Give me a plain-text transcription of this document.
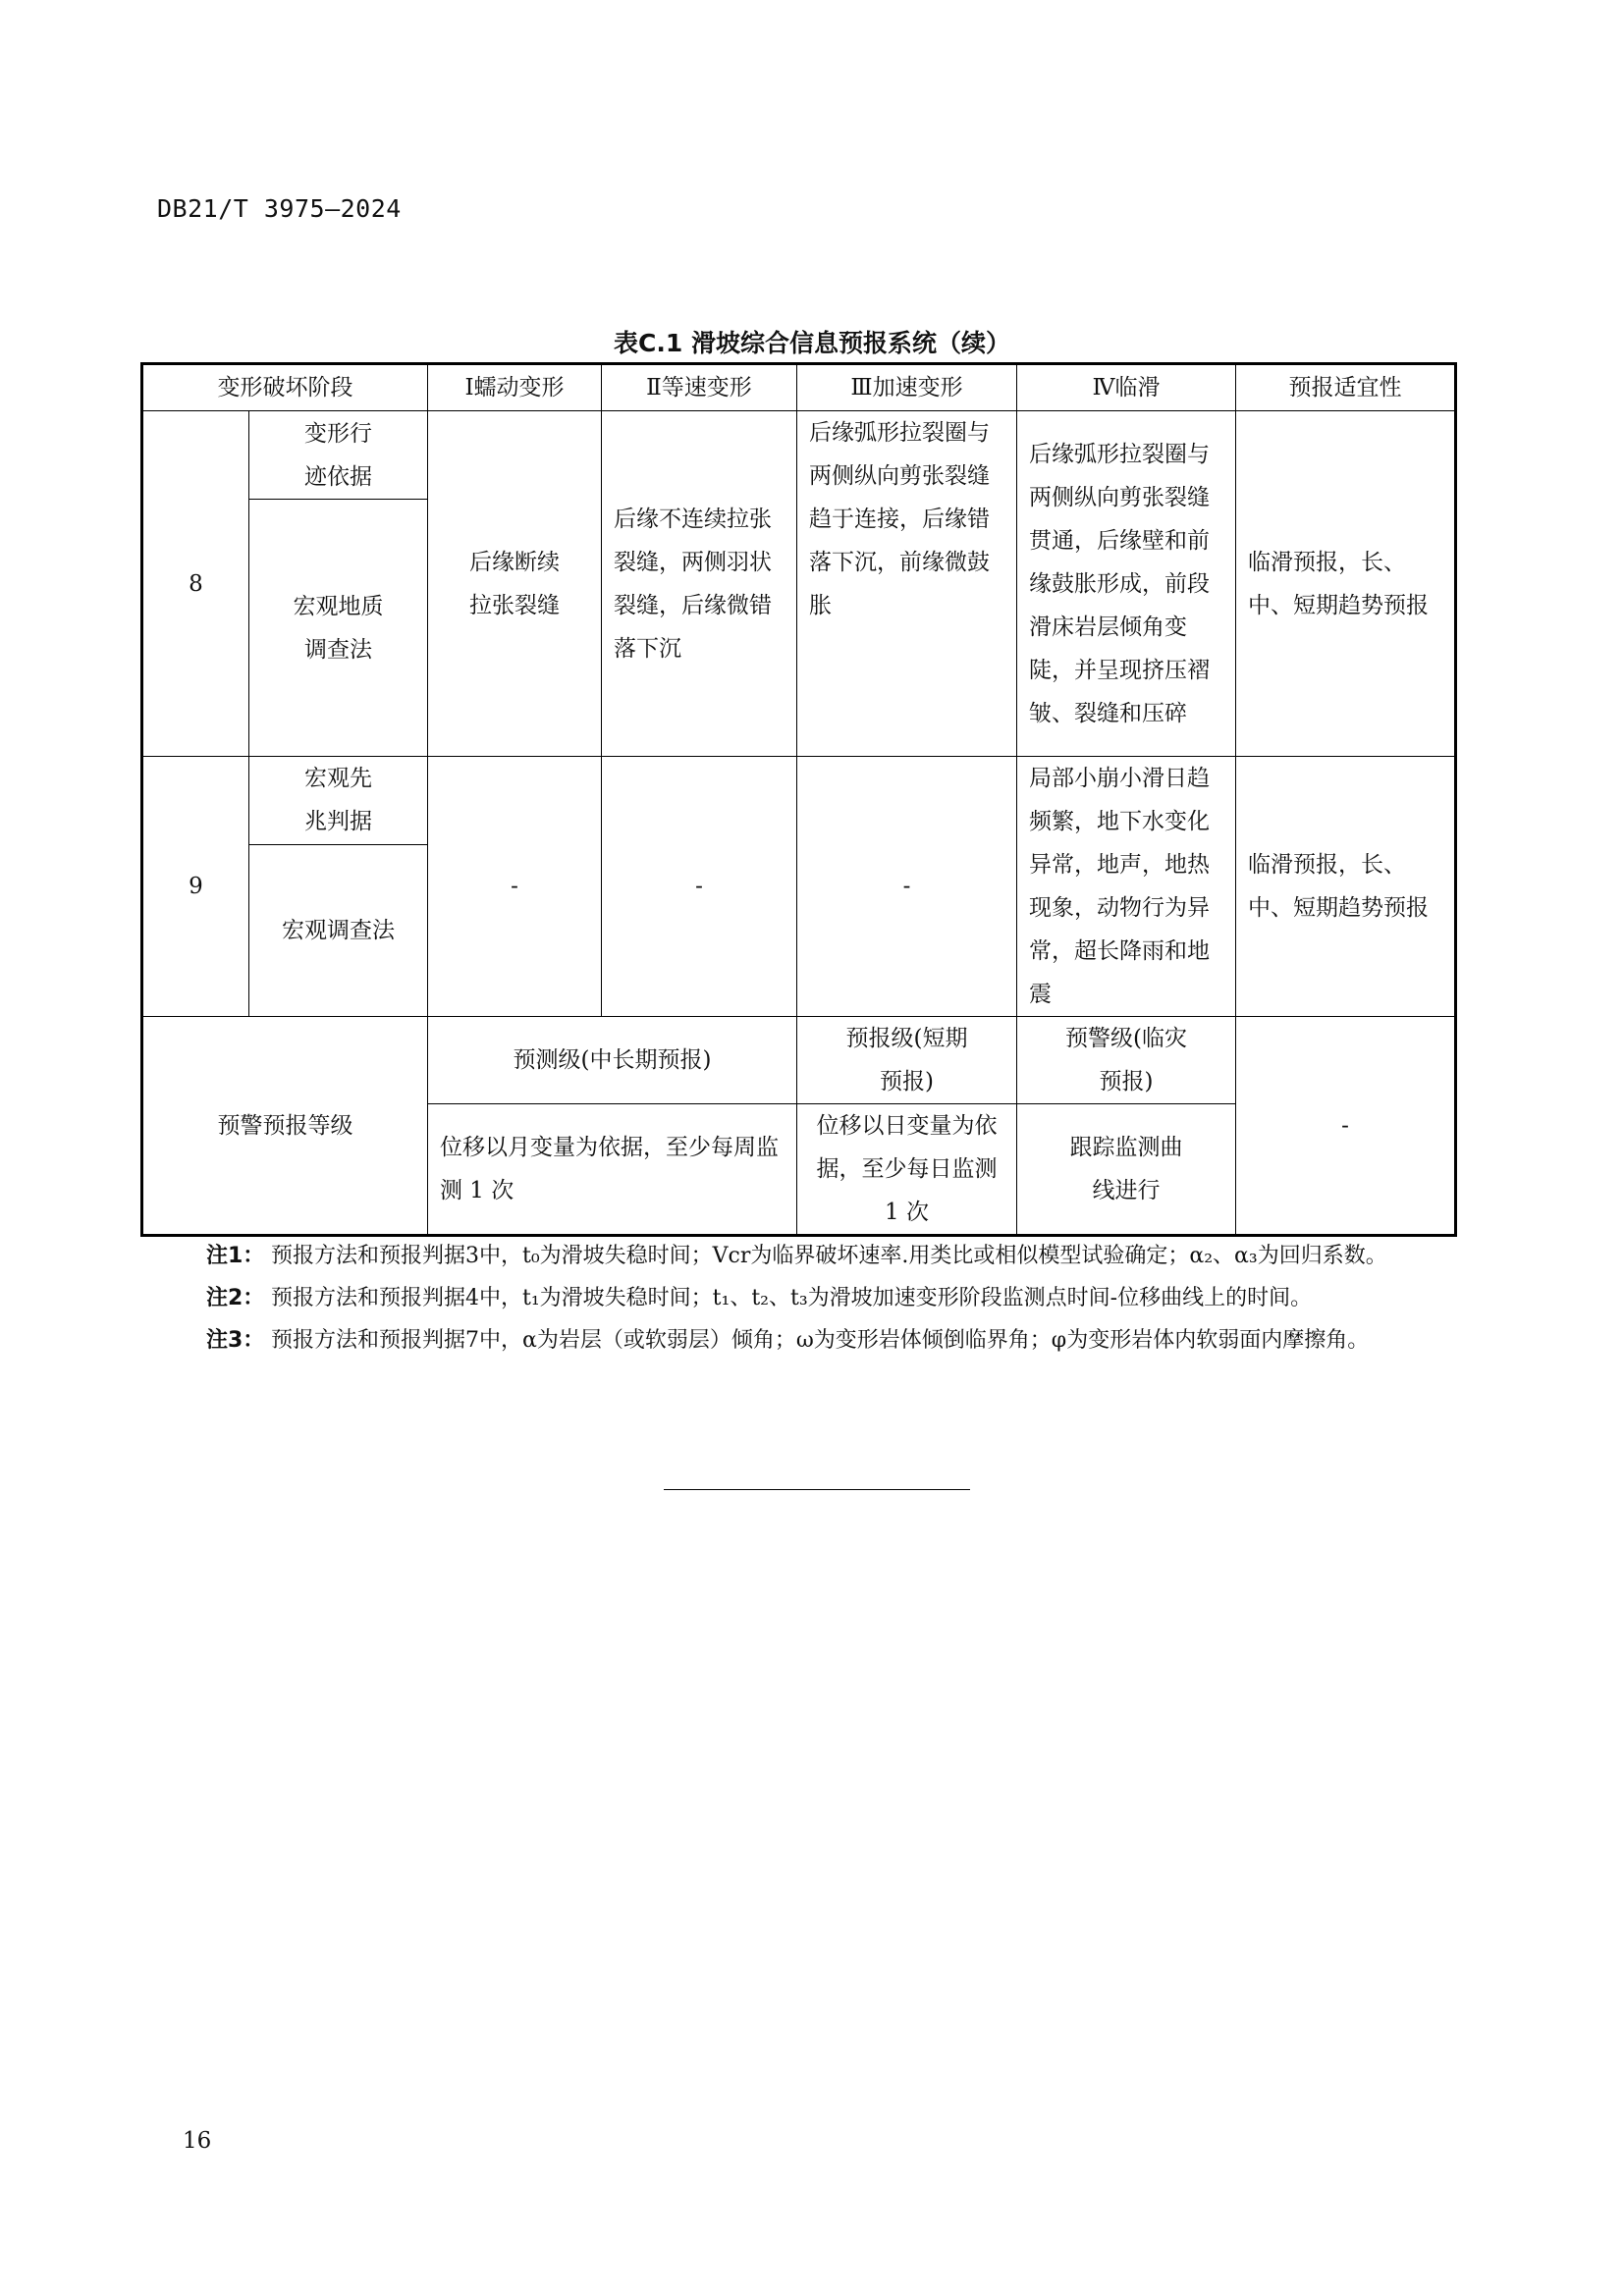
DB21/T 3975—2024
表C.1 滑坡综合信息预报系统（续）
变形破坏阶段		Ⅰ蠕动变形	Ⅱ等速变形	Ⅲ加速变形	Ⅳ临滑	预报适宜性
8	变形行迹依据	后缘断续拉张裂缝	后缘不连续拉张裂缝，两侧羽状裂缝，后缘微错落下沉	后缘弧形拉裂圈与两侧纵向剪张裂缝趋于连接，后缘错落下沉，前缘微鼓胀	后缘弧形拉裂圈与两侧纵向剪张裂缝贯通，后缘壁和前缘鼓胀形成，前段滑床岩层倾角变陡，并呈现挤压褶皱、裂缝和压碎	临滑预报，长、中、短期趋势预报
	宏观地质调查法					
9	宏观先兆判据	-	-	-	局部小崩小滑日趋频繁，地下水变化异常，地声，地热现象，动物行为异常，超长降雨和地震	临滑预报，长、中、短期趋势预报
	宏观调查法					
预警预报等级		预测级(中长期预报)		预报级(短期预报)	预警级(临灾预报)	-
		位移以月变量为依据，至少每周监测 1 次		位移以日变量为依据，至少每日监测 1 次	跟踪监测曲线进行	
注1： 预报方法和预报判据3中，t₀为滑坡失稳时间；Vcr为临界破坏速率.用类比或相似模型试验确定；α₂、α₃为回归系数。
注2： 预报方法和预报判据4中，t₁为滑坡失稳时间；t₁、t₂、t₃为滑坡加速变形阶段监测点时间-位移曲线上的时间。
注3： 预报方法和预报判据7中，α为岩层（或软弱层）倾角；ω为变形岩体倾倒临界角；φ为变形岩体内软弱面内摩擦角。
16
